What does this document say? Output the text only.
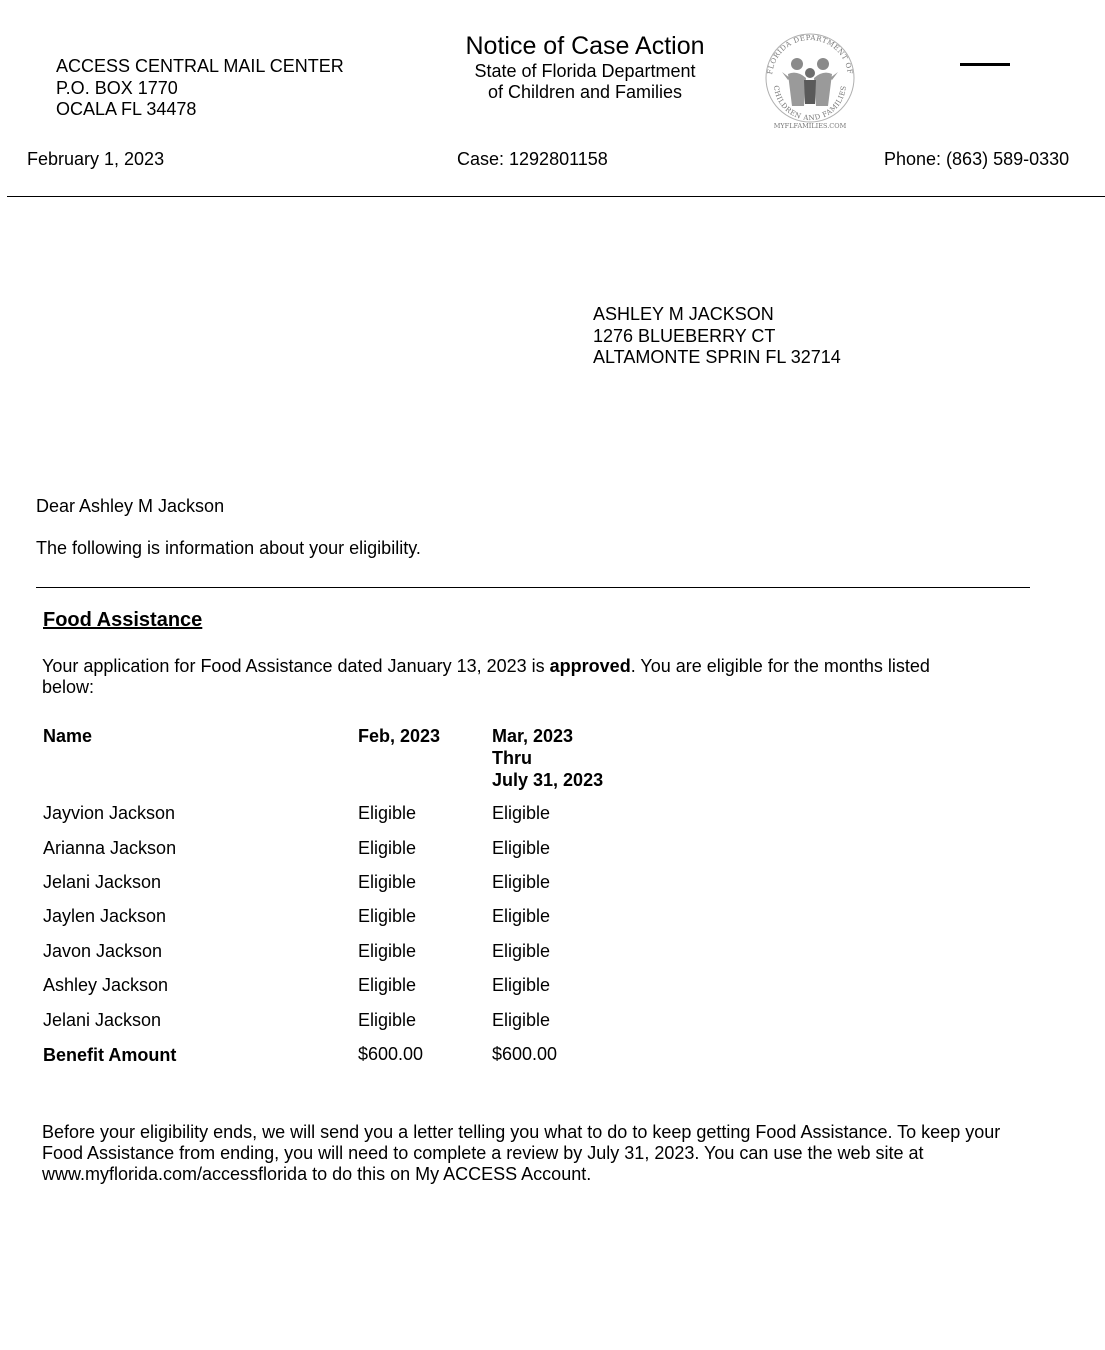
ACCESS CENTRAL MAIL CENTER
P.O. BOX 1770
OCALA FL 34478
Notice of Case Action
State of Florida Department
of Children and Families
FLORIDA DEPARTMENT OF
CHILDREN AND FAMILIES
MYFLFAMILIES.COM
February 1, 2023	Case: 1292801158	Phone: (863) 589-0330
ASHLEY M JACKSON
1276 BLUEBERRY CT
ALTAMONTE SPRIN FL 32714
Dear Ashley M Jackson
The following is information about your eligibility.
Food Assistance
Your application for Food Assistance dated January 13, 2023 is approved. You are eligible for the months listed below:
Name	Feb, 2023	Mar, 2023
Thru
July 31, 2023
Jayvion Jackson	Eligible	Eligible
Arianna Jackson	Eligible	Eligible
Jelani Jackson	Eligible	Eligible
Jaylen Jackson	Eligible	Eligible
Javon Jackson	Eligible	Eligible
Ashley Jackson	Eligible	Eligible
Jelani Jackson	Eligible	Eligible
Benefit Amount	$600.00	$600.00
Before your eligibility ends, we will send you a letter telling you what to do to keep getting Food Assistance. To keep your Food Assistance from ending, you will need to complete a review by July 31, 2023. You can use the web site at www.myflorida.com/accessflorida to do this on My ACCESS Account.
